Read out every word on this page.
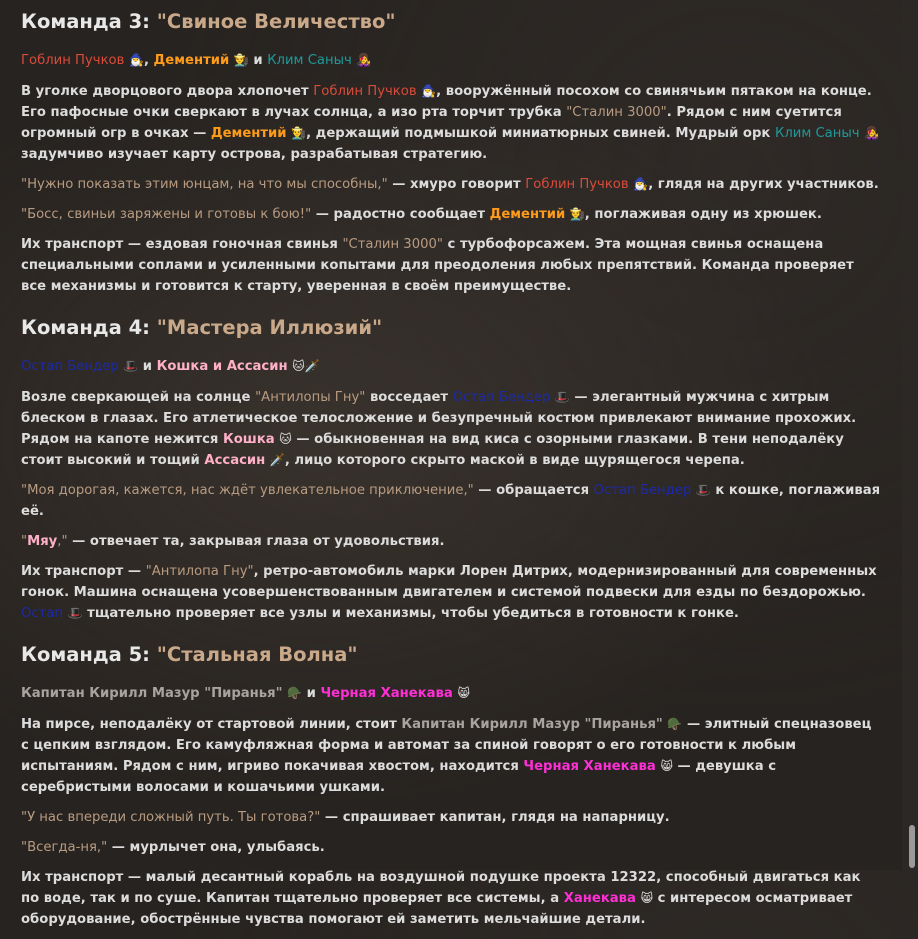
Команда 3: "Свиное Величество"
Гоблин Пучков 🧙‍♂️, Дементий 👨‍🌾 и Клим Саныч 👩‍🎤

В уголке дворцового двора хлопочет Гоблин Пучков 🧙‍♂️, вооружённый посохом со свинячьим пятаком на конце. Его пафосные очки сверкают в лучах солнца, а изо рта торчит трубка "Сталин 3000". Рядом с ним суетится огромный огр в очках — Дементий 👨‍🌾, держащий подмышкой миниатюрных свиней. Мудрый орк Клим Саныч 👩‍🎤 задумчиво изучает карту острова, разрабатывая стратегию.

"Нужно показать этим юнцам, на что мы способны," — хмуро говорит Гоблин Пучков 🧙‍♂️, глядя на других участников.

"Босс, свиньи заряжены и готовы к бою!" — радостно сообщает Дементий 👨‍🌾, поглаживая одну из хрюшек.

Их транспорт — ездовая гоночная свинья "Сталин 3000" с турбофорсажем. Эта мощная свинья оснащена специальными соплами и усиленными копытами для преодоления любых препятствий. Команда проверяет все механизмы и готовится к старту, уверенная в своём преимуществе.

Команда 4: "Мастера Иллюзий"
Остап Бендер 🎩 и Кошка и Ассасин 🐱🗡️

Возле сверкающей на солнце "Антилопы Гну" восседает Остап Бендер 🎩 — элегантный мужчина с хитрым блеском в глазах. Его атлетическое телосложение и безупречный костюм привлекают внимание прохожих. Рядом на капоте нежится Кошка 🐱 — обыкновенная на вид киса с озорными глазками. В тени неподалёку стоит высокий и тощий Ассасин 🗡️, лицо которого скрыто маской в виде щурящегося черепа.

"Моя дорогая, кажется, нас ждёт увлекательное приключение," — обращается Остап Бендер 🎩 к кошке, поглаживая её.

"Мяу," — отвечает та, закрывая глаза от удовольствия.

Их транспорт — "Антилопа Гну", ретро-автомобиль марки Лорен Дитрих, модернизированный для современных гонок. Машина оснащена усовершенствованным двигателем и системой подвески для езды по бездорожью. Остап 🎩 тщательно проверяет все узлы и механизмы, чтобы убедиться в готовности к гонке.

Команда 5: "Стальная Волна"
Капитан Кирилл Мазур "Пиранья" 🪖 и Черная Ханекава 😸

На пирсе, неподалёку от стартовой линии, стоит Капитан Кирилл Мазур "Пиранья" 🪖 — элитный спецназовец с цепким взглядом. Его камуфляжная форма и автомат за спиной говорят о его готовности к любым испытаниям. Рядом с ним, игриво покачивая хвостом, находится Черная Ханекава 😸 — девушка с серебристыми волосами и кошачьими ушками.

"У нас впереди сложный путь. Ты готова?" — спрашивает капитан, глядя на напарницу.

"Всегда-ня," — мурлычет она, улыбаясь.

Их транспорт — малый десантный корабль на воздушной подушке проекта 12322, способный двигаться как по воде, так и по суше. Капитан тщательно проверяет все системы, а Ханекава 😸 с интересом осматривает оборудование, обострённые чувства помогают ей заметить мельчайшие детали.
